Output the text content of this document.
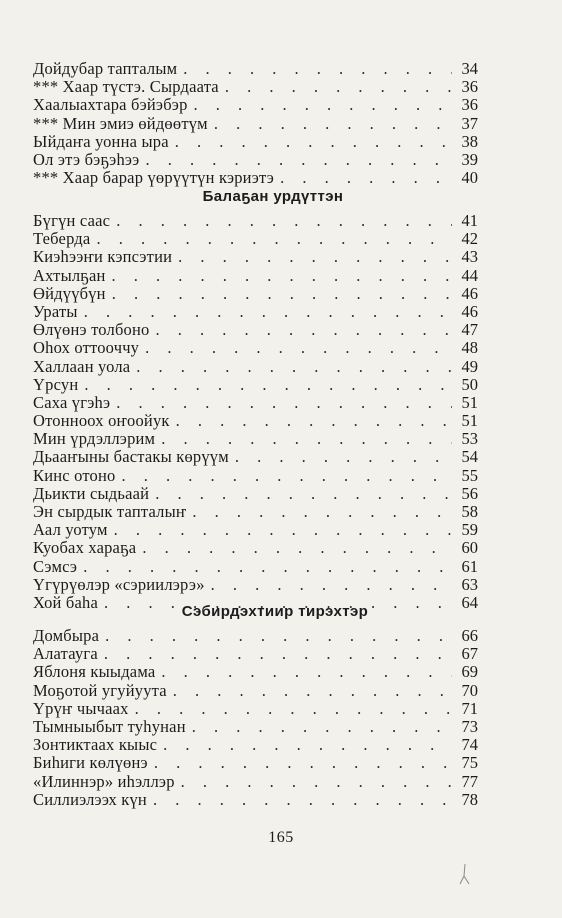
Дойдубар тапталым . . .	34
*** Хаар түстэ. Сырдаата . . .	36
Хаалыахтара бэйэбэр . . .	36
*** Мин эмиэ өйдөөтүм . . .	37
Ыйдаҥа уонна ыра . . .	38
Ол этэ бэҕэһээ . . .	39
*** Хаар барар үөрүүтүн кэриэтэ . . .	40
Балаҕан урдүттэн
Бүгүн саас . . .	41
Теберда . . .	42
Киэһээҥи кэпсэтии . . .	43
Ахтылҕан . . .	44
Өйдүүбүн . . .	46
Ураты . . .	46
Өлүөнэ толбоно . . .	47
Оһох оттооччу . . .	48
Халлаан уола . . .	49
Үрсун . . .	50
Саха үгэһэ . . .	51
Отонноох оҥоойук . . .	51
Мин үрдэллэрим . . .	53
Дьааҥыны бастакы көрүүм . . .	54
Кинс отоно . . .	55
Дьикти сыдьаай . . .	56
Эн сырдык тапталыҥ . . .	58
Аал уотум . . .	59
Куобах хараҕа . . .	60
Сэмсэ . . .	61
Үгүрүөлэр «сэриилэрэ» . . .	63
Хой баһа . . .	64
Сэбирдэхтиир тирэхтэр
Домбыра . . .	66
Алатауга . . .	67
Яблоня кыыдама . . .	69
Моҕотой угуйуута . . .	70
Үрүҥ чычаах . . .	71
Тымныыбыт туһунан . . .	73
Зонтиктаах кыыс . . .	74
Биһиги көлүөнэ . . .	75
«Илиннэр» иһэллэр . . .	77
Силлиэлээх күн . . .	78
165
